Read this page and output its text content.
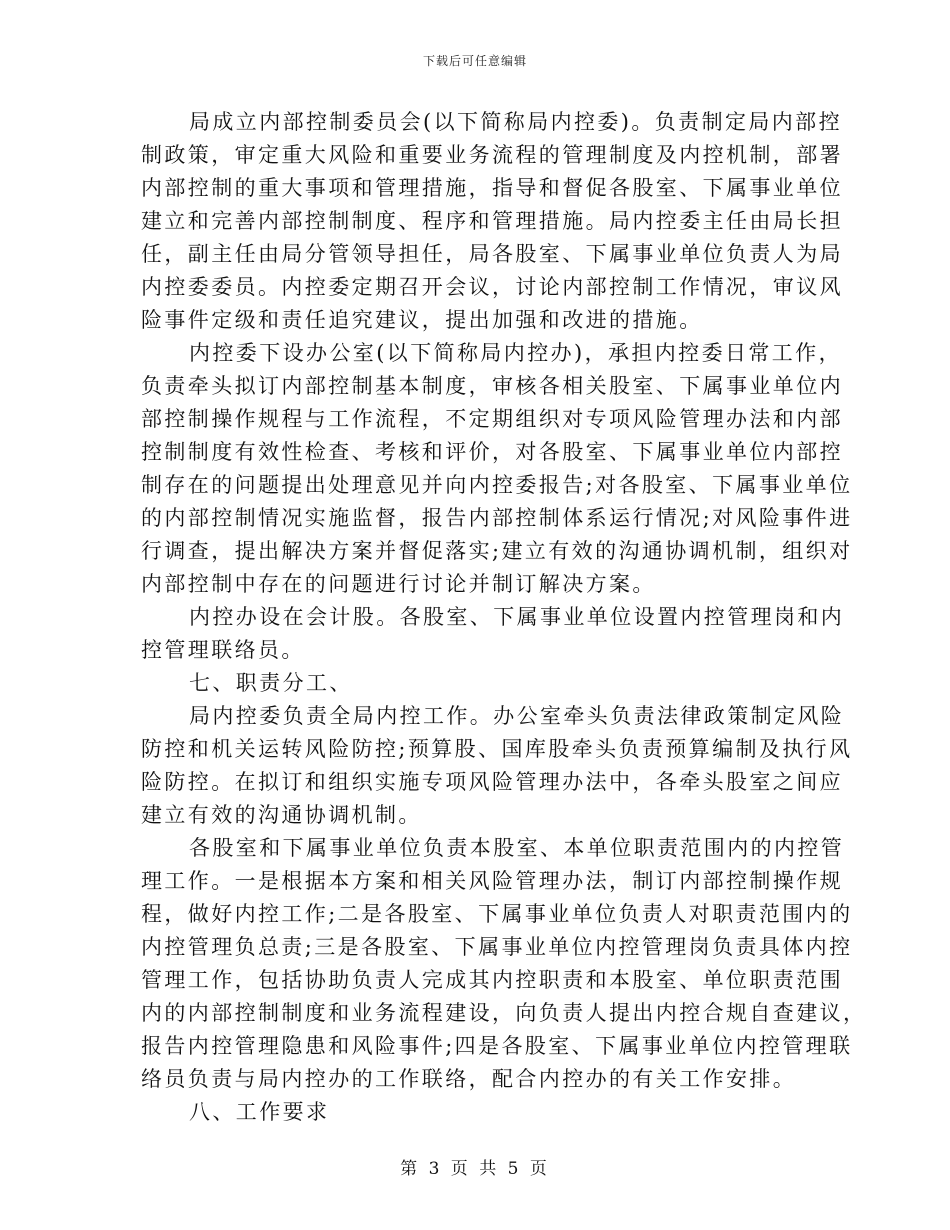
下载后可任意编辑

局成立内部控制委员会(以下简称局内控委)。负责制定局内部控
制政策，审定重大风险和重要业务流程的管理制度及内控机制，部署
内部控制的重大事项和管理措施，指导和督促各股室、下属事业单位
建立和完善内部控制制度、程序和管理措施。局内控委主任由局长担
任，副主任由局分管领导担任，局各股室、下属事业单位负责人为局
内控委委员。内控委定期召开会议，讨论内部控制工作情况，审议风
险事件定级和责任追究建议，提出加强和改进的措施。

内控委下设办公室(以下简称局内控办)，承担内控委日常工作，
负责牵头拟订内部控制基本制度，审核各相关股室、下属事业单位内
部控制操作规程与工作流程，不定期组织对专项风险管理办法和内部
控制制度有效性检查、考核和评价，对各股室、下属事业单位内部控
制存在的问题提出处理意见并向内控委报告;对各股室、下属事业单位
的内部控制情况实施监督，报告内部控制体系运行情况;对风险事件进
行调查，提出解决方案并督促落实;建立有效的沟通协调机制，组织对
内部控制中存在的问题进行讨论并制订解决方案。

内控办设在会计股。各股室、下属事业单位设置内控管理岗和内
控管理联络员。

七、职责分工、

局内控委负责全局内控工作。办公室牵头负责法律政策制定风险
防控和机关运转风险防控;预算股、国库股牵头负责预算编制及执行风
险防控。在拟订和组织实施专项风险管理办法中，各牵头股室之间应
建立有效的沟通协调机制。

各股室和下属事业单位负责本股室、本单位职责范围内的内控管
理工作。一是根据本方案和相关风险管理办法，制订内部控制操作规
程，做好内控工作;二是各股室、下属事业单位负责人对职责范围内的
内控管理负总责;三是各股室、下属事业单位内控管理岗负责具体内控
管理工作，包括协助负责人完成其内控职责和本股室、单位职责范围
内的内部控制制度和业务流程建设，向负责人提出内控合规自查建议，
报告内控管理隐患和风险事件;四是各股室、下属事业单位内控管理联
络员负责与局内控办的工作联络，配合内控办的有关工作安排。

八、工作要求

第 3 页 共 5 页
